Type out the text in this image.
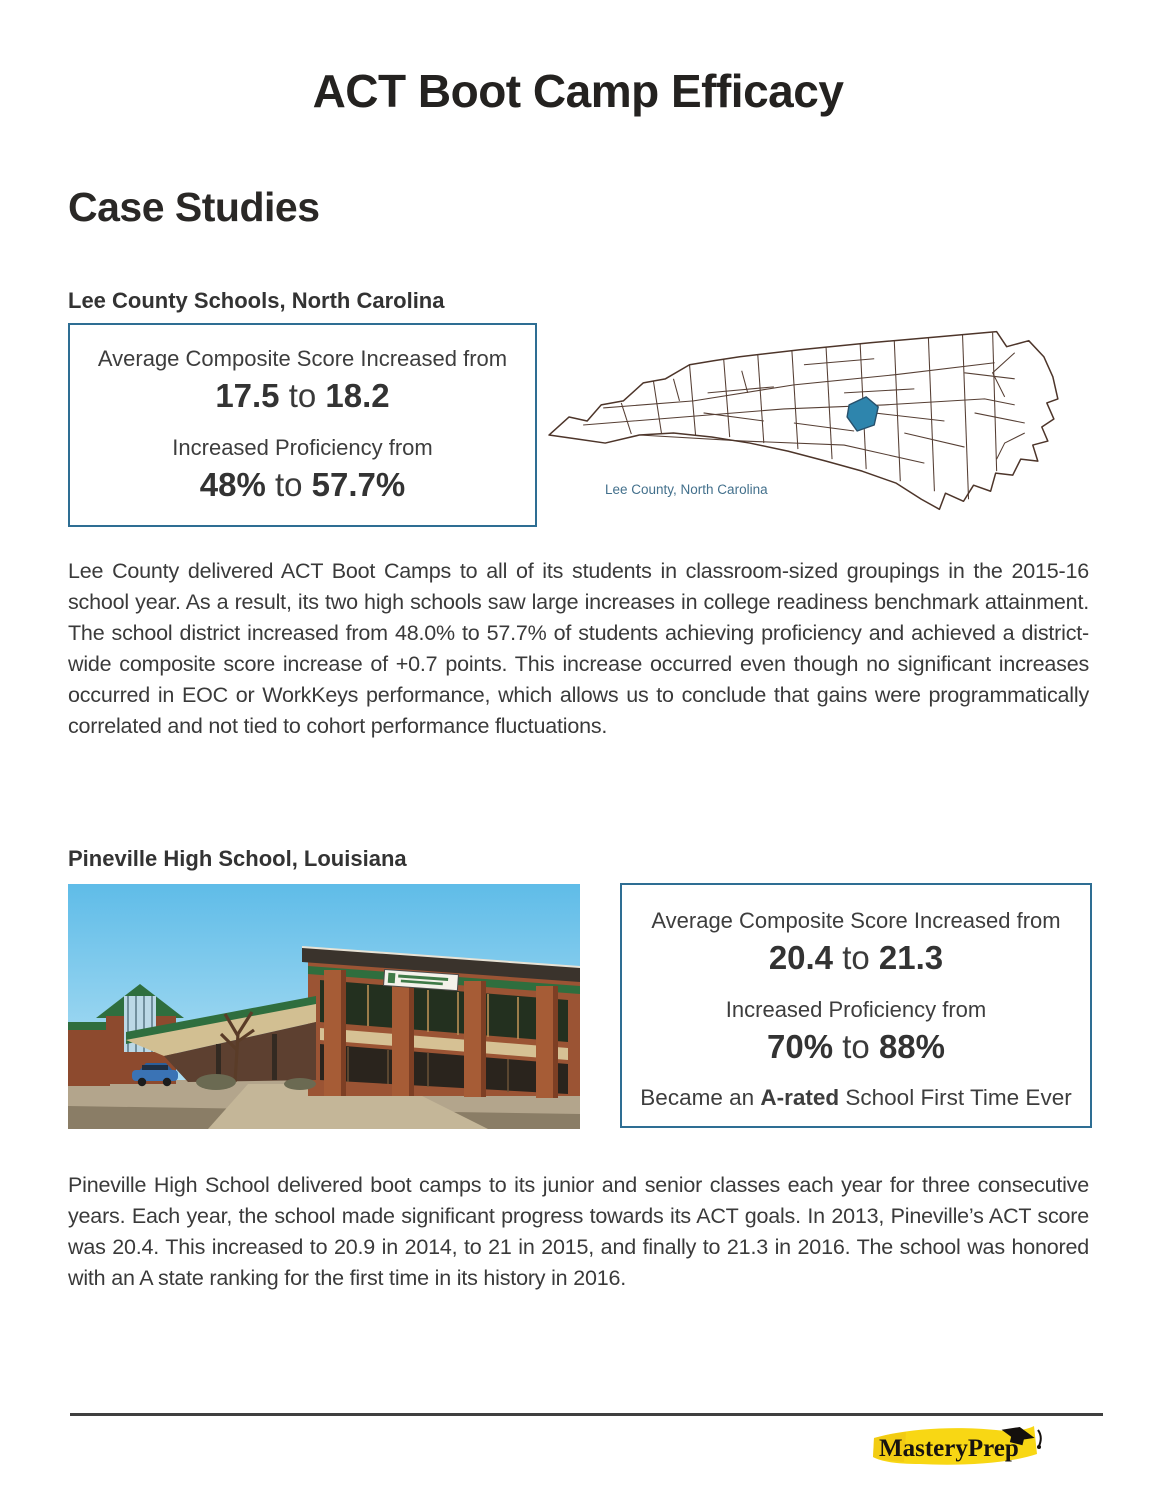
ACT Boot Camp Efficacy
Case Studies
Lee County Schools, North Carolina
Average Composite Score Increased from
17.5 to 18.2
Increased Proficiency from
48% to 57.7%	Lee County, North Carolina

Lee County delivered ACT Boot Camps to all of its students in classroom-sized groupings in the 2015-16 school year. As a result, its two high schools saw large increases in college readiness benchmark attainment. The school district increased from 48.0% to 57.7% of students achieving proficiency and achieved a district-wide composite score increase of +0.7 points. This increase occurred even though no significant increases occurred in EOC or WorkKeys performance, which allows us to conclude that gains were programmatically correlated and not tied to cohort performance fluctuations.

Pineville High School, Louisiana
Average Composite Score Increased from
20.4 to 21.3
Increased Proficiency from
70% to 88%
Became an A-rated School First Time Ever

Pineville High School delivered boot camps to its junior and senior classes each year for three consecutive years. Each year, the school made significant progress towards its ACT goals. In 2013, Pineville’s ACT score was 20.4. This increased to 20.9 in 2014, to 21 in 2015, and finally to 21.3 in 2016. The school was honored with an A state ranking for the first time in its history in 2016.

MasteryPrep
